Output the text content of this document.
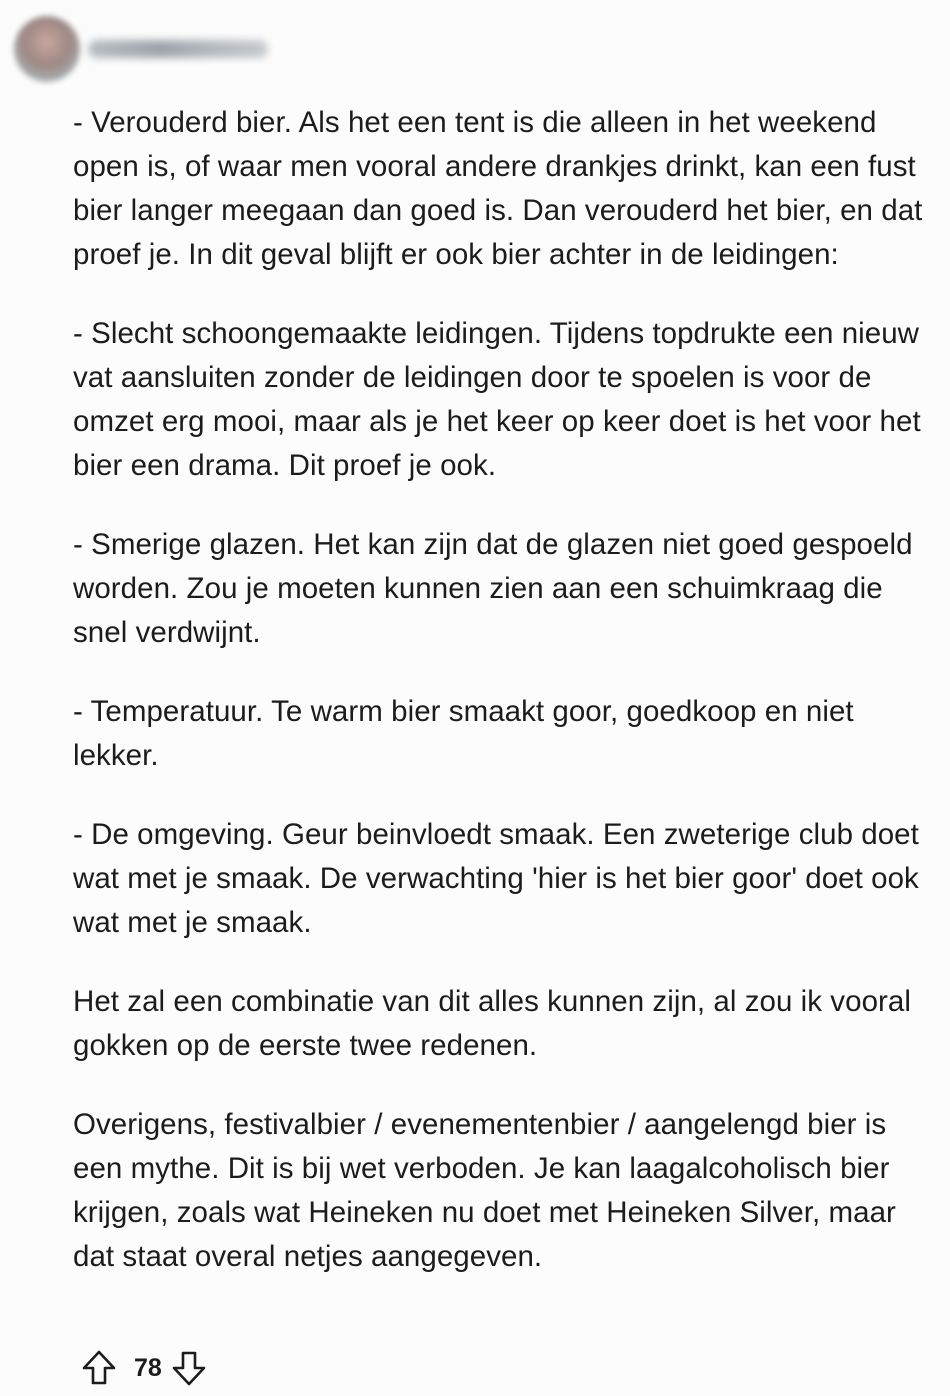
- Verouderd bier. Als het een tent is die alleen in het weekend open is, of waar men vooral andere drankjes drinkt, kan een fust bier langer meegaan dan goed is. Dan verouderd het bier, en dat proef je. In dit geval blijft er ook bier achter in de leidingen:

- Slecht schoongemaakte leidingen. Tijdens topdrukte een nieuw vat aansluiten zonder de leidingen door te spoelen is voor de omzet erg mooi, maar als je het keer op keer doet is het voor het bier een drama. Dit proef je ook.

- Smerige glazen. Het kan zijn dat de glazen niet goed gespoeld worden. Zou je moeten kunnen zien aan een schuimkraag die snel verdwijnt.

- Temperatuur. Te warm bier smaakt goor, goedkoop en niet lekker.

- De omgeving. Geur beinvloedt smaak. Een zweterige club doet wat met je smaak. De verwachting 'hier is het bier goor' doet ook wat met je smaak.

Het zal een combinatie van dit alles kunnen zijn, al zou ik vooral gokken op de eerste twee redenen.

Overigens, festivalbier / evenementenbier / aangelengd bier is een mythe. Dit is bij wet verboden. Je kan laagalcoholisch bier krijgen, zoals wat Heineken nu doet met Heineken Silver, maar dat staat overal netjes aangegeven.

78
